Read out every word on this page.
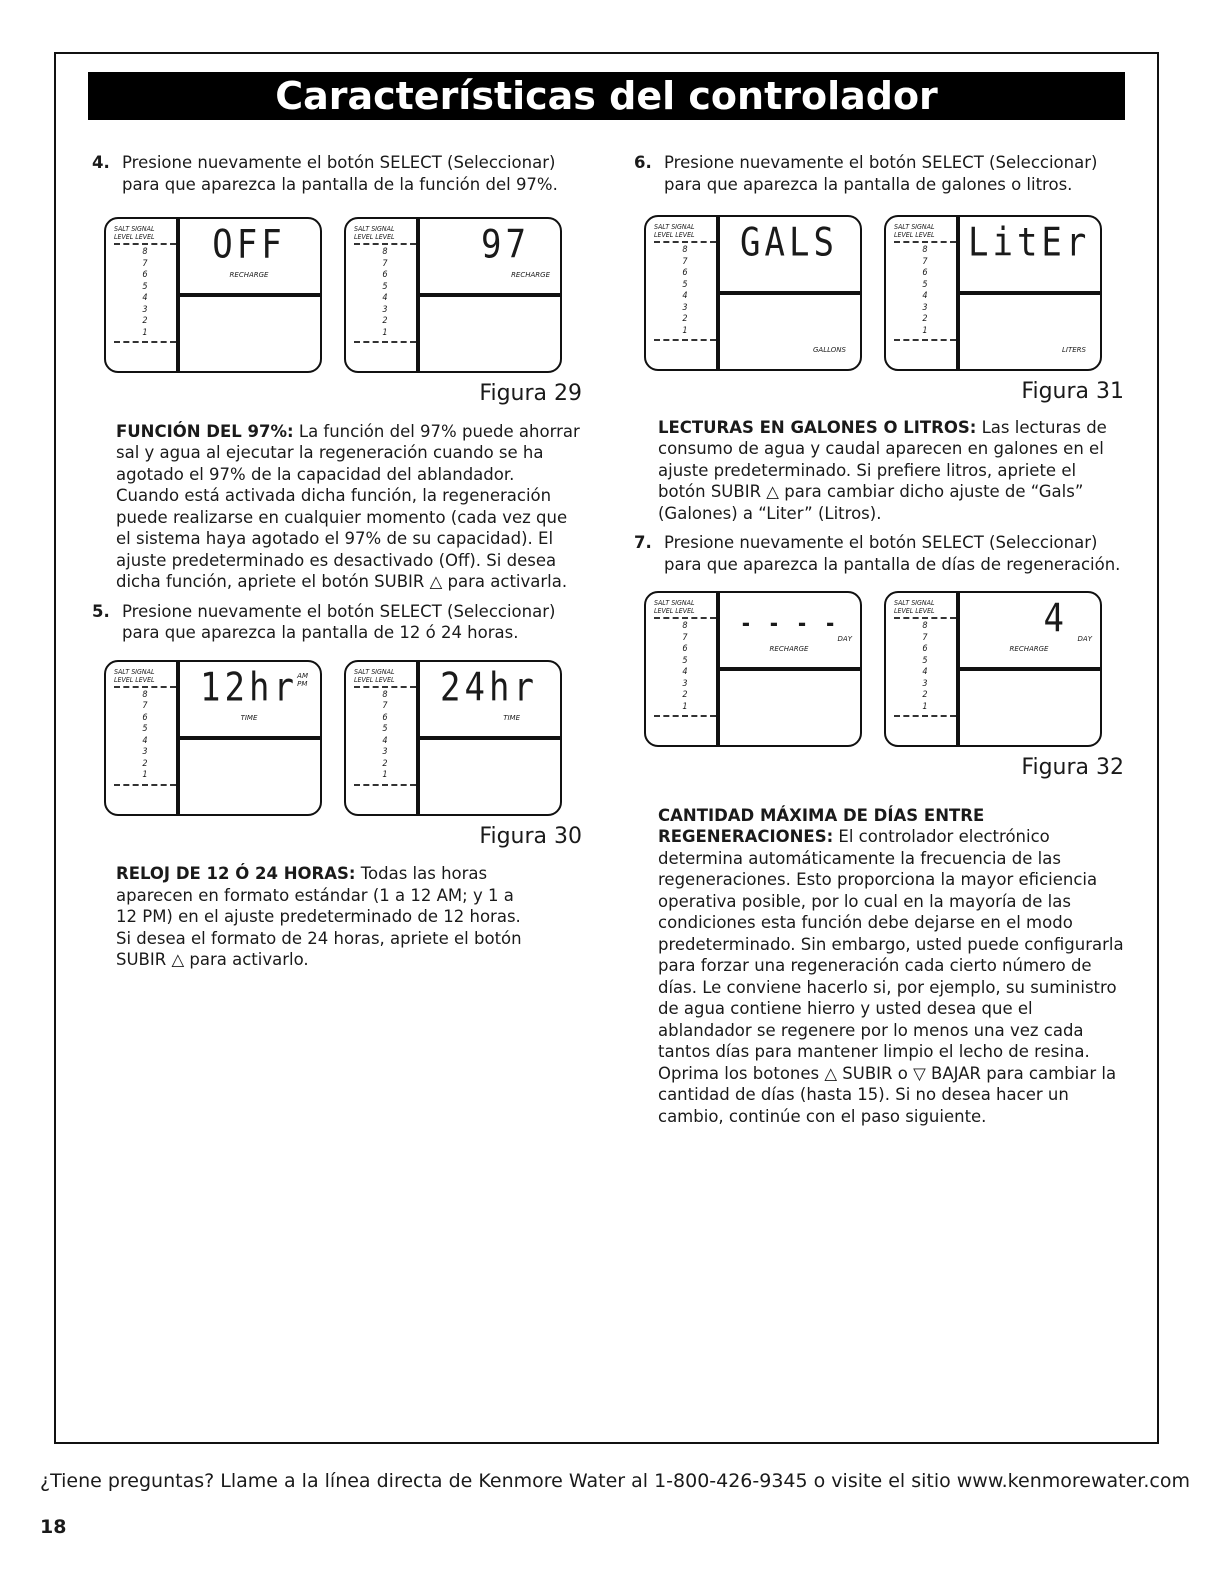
Características del controlador
4. Presione nuevamente el botón SELECT (Seleccionar) para que aparezca la pantalla de la función del 97%.

OFF
RECHARGE
SALT SIGNAL
LEVEL LEVEL
8
7
6
5
4
3
2
1
97
RECHARGE
SALT SIGNAL
LEVEL LEVEL
8
7
6
5
4
3
2
1

Figura 29

FUNCIÓN DEL 97%: La función del 97% puede ahorrar sal y agua al ejecutar la regeneración cuando se ha agotado el 97% de la capacidad del ablandador. Cuando está activada dicha función, la regeneración puede realizarse en cualquier momento (cada vez que el sistema haya agotado el 97% de su capacidad). El ajuste predeterminado es desactivado (Off). Si desea dicha función, apriete el botón SUBIR △ para activarla.

5. Presione nuevamente el botón SELECT (Seleccionar) para que aparezca la pantalla de 12 ó 24 horas.

12hr AM
PM
TIME
SALT SIGNAL
LEVEL LEVEL
8
7
6
5
4
3
2
1
24hr
TIME
SALT SIGNAL
LEVEL LEVEL
8
7
6
5
4
3
2
1

Figura 30

RELOJ DE 12 Ó 24 HORAS: Todas las horas aparecen en formato estándar (1 a 12 AM; y 1 a 12 PM) en el ajuste predeterminado de 12 horas. Si desea el formato de 24 horas, apriete el botón SUBIR △ para activarlo.

6. Presione nuevamente el botón SELECT (Seleccionar) para que aparezca la pantalla de galones o litros.

GALS
GALLONS
SALT SIGNAL
LEVEL LEVEL
8
7
6
5
4
3
2
1
LitEr
LITERS
SALT SIGNAL
LEVEL LEVEL
8
7
6
5
4
3
2
1

Figura 31

LECTURAS EN GALONES O LITROS: Las lecturas de consumo de agua y caudal aparecen en galones en el ajuste predeterminado. Si prefiere litros, apriete el botón SUBIR △ para cambiar dicho ajuste de “Gals” (Galones) a “Liter” (Litros).

7. Presione nuevamente el botón SELECT (Seleccionar) para que aparezca la pantalla de días de regeneración.

- - - -
DAY
RECHARGE
SALT SIGNAL
LEVEL LEVEL
8
7
6
5
4
3
2
1
4	DAY
RECHARGE
SALT SIGNAL
LEVEL LEVEL
8
7
6
5
4
3
2
1

Figura 32

CANTIDAD MÁXIMA DE DÍAS ENTRE REGENERACIONES: El controlador electrónico determina automáticamente la frecuencia de las regeneraciones. Esto proporciona la mayor eficiencia operativa posible, por lo cual en la mayoría de las condiciones esta función debe dejarse en el modo predeterminado. Sin embargo, usted puede configurarla para forzar una regeneración cada cierto número de días. Le conviene hacerlo si, por ejemplo, su suministro de agua contiene hierro y usted desea que el ablandador se regenere por lo menos una vez cada tantos días para mantener limpio el lecho de resina. Oprima los botones △ SUBIR o ▽ BAJAR para cambiar la cantidad de días (hasta 15). Si no desea hacer un cambio, continúe con el paso siguiente.

¿Tiene preguntas? Llame a la línea directa de Kenmore Water al 1-800-426-9345 o visite el sitio www.kenmorewater.com
18
